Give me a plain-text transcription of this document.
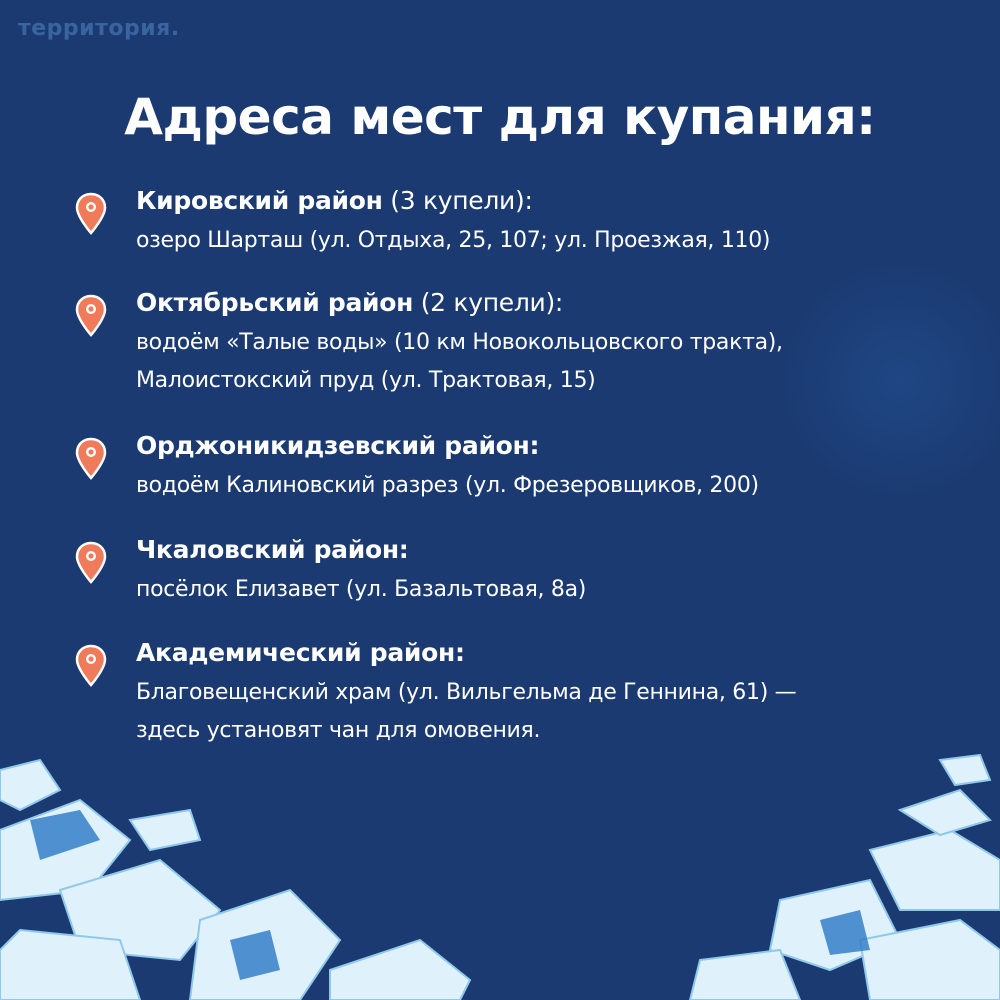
территория.
Адреса мест для купания:
Кировский район (3 купели):
озеро Шарташ (ул. Отдыха, 25, 107; ул. Проезжая, 110)
Октябрьский район (2 купели):
водоём «Талые воды» (10 км Новокольцовского тракта),
Малоистокский пруд (ул. Трактовая, 15)
Орджоникидзевский район:
водоём Калиновский разрез (ул. Фрезеровщиков, 200)
Чкаловский район:
посёлок Елизавет (ул. Базальтовая, 8а)
Академический район:
Благовещенский храм (ул. Вильгельма де Геннина, 61) —
здесь установят чан для омовения.
